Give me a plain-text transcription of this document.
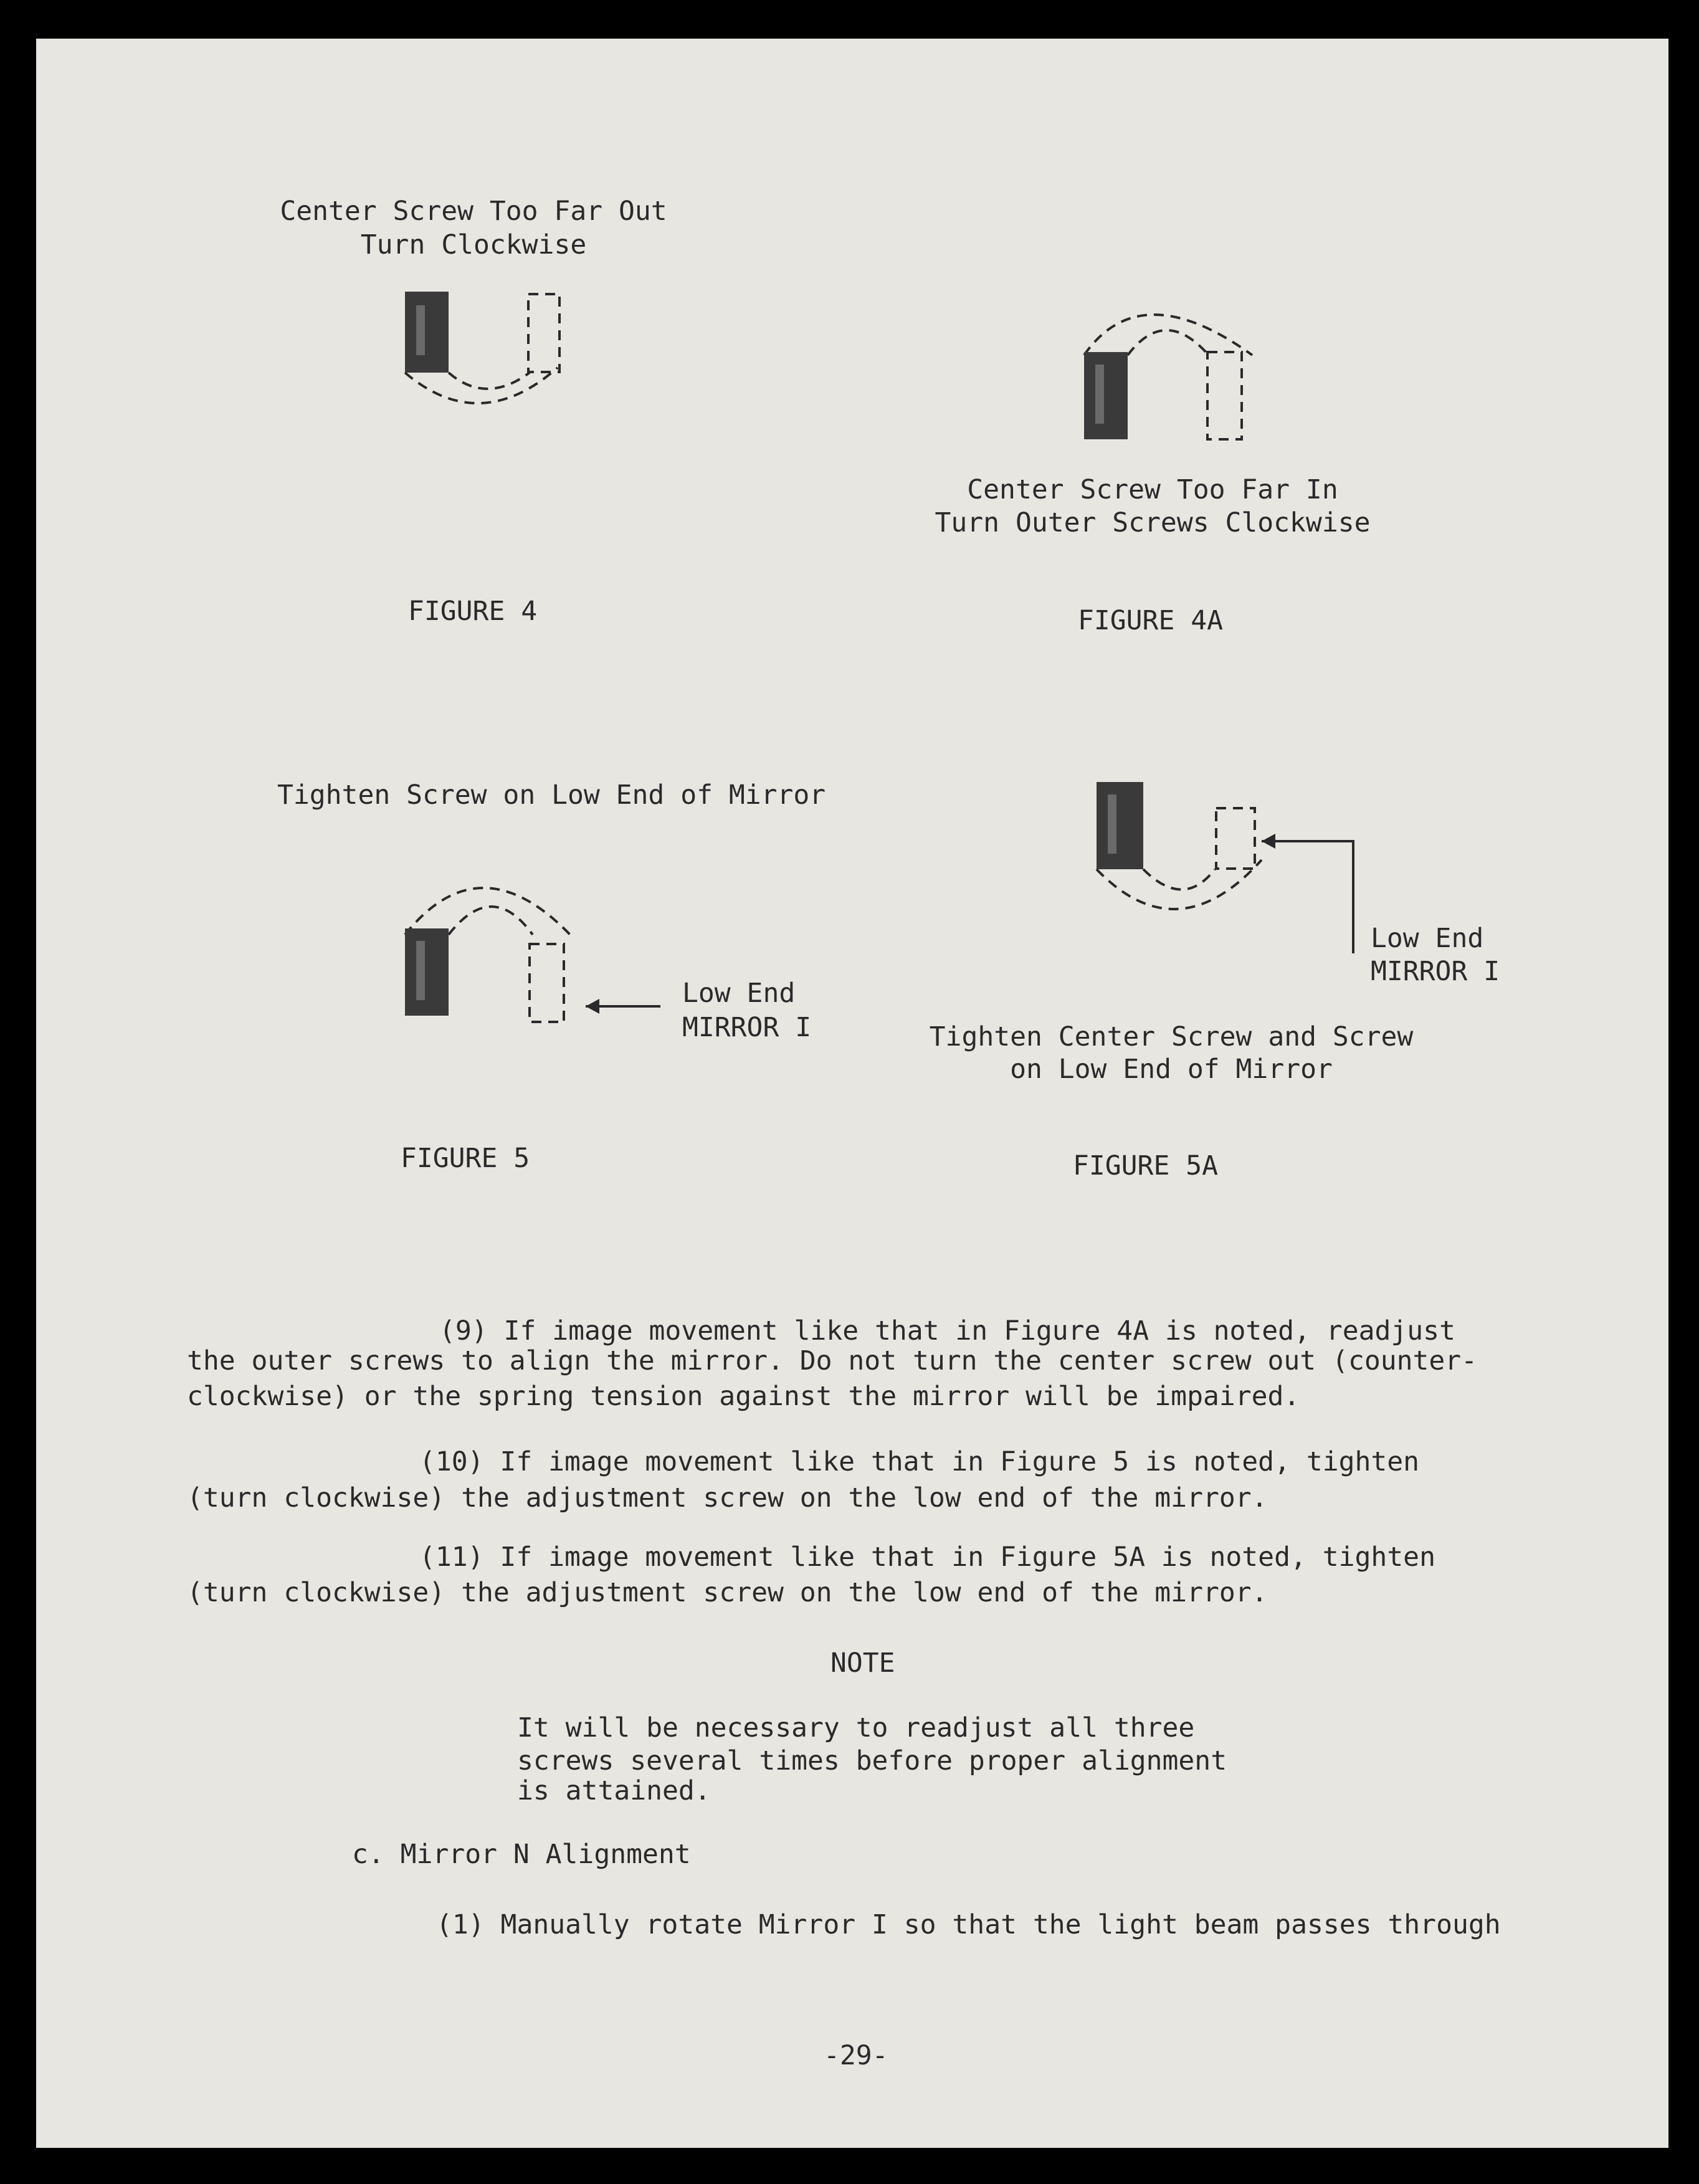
Center Screw Too Far Out
Turn Clockwise
FIGURE 4
Center Screw Too Far In
Turn Outer Screws Clockwise
FIGURE 4A
Tighten Screw on Low End of Mirror
Low End
MIRROR I
FIGURE 5
Low End
MIRROR I
Tighten Center Screw and Screw
on Low End of Mirror
FIGURE 5A
(9) If image movement like that in Figure 4A is noted, readjust
the outer screws to align the mirror. Do not turn the center screw out (counter-
clockwise) or the spring tension against the mirror will be impaired.
(10) If image movement like that in Figure 5 is noted, tighten
(turn clockwise) the adjustment screw on the low end of the mirror.
(11) If image movement like that in Figure 5A is noted, tighten
(turn clockwise) the adjustment screw on the low end of the mirror.
NOTE
It will be necessary to readjust all three
screws several times before proper alignment
is attained.
c. Mirror N Alignment
(1) Manually rotate Mirror I so that the light beam passes through
-29-
